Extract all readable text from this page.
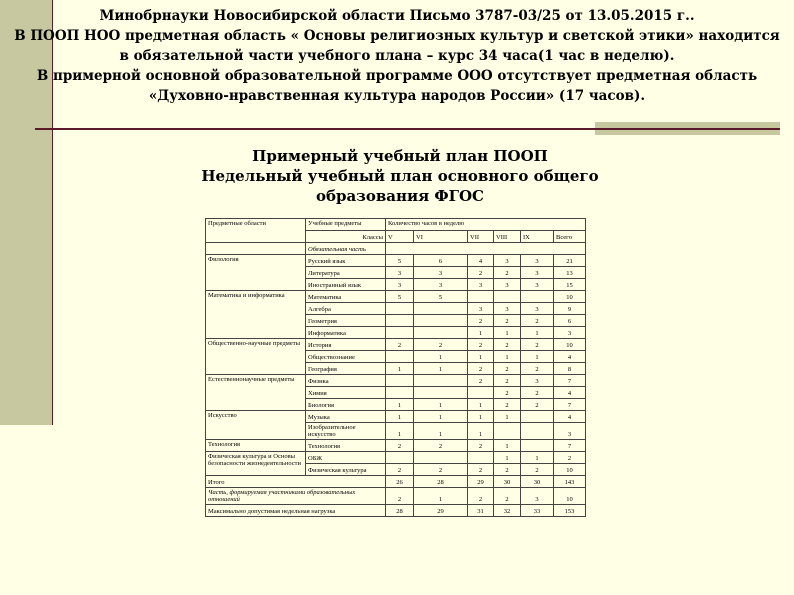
Минобрнауки Новосибирской области Письмо 3787-03/25 от 13.05.2015 г..
В ПООП НОО предметная область « Основы религиозных культур и светской этики» находится
в обязательной части учебного плана – курс 34 часа(1 час в неделю).
В примерной основной образовательной программе ООО отсутствует предметная область
«Духовно-нравственная культура народов России» (17 часов).
Примерный учебный план ПООП
Недельный учебный план основного общего
образования ФГОС
Предметные области	Учебные предметы	Количество часов в неделю					
	Классы	V	VI	VII	VIII	IX	Всего
	Обязательная часть						
Филология	Русский язык	5	6	4	3	3	21
	Литература	3	3	2	2	3	13
	Иностранный язык	3	3	3	3	3	15
Математика и информатика	Математика	5	5				10
	Алгебра			3	3	3	9
	Геометрия			2	2	2	6
	Информатика			1	1	1	3
Общественно-научные предметы	История	2	2	2	2	2	10
	Обществознание		1	1	1	1	4
	География	1	1	2	2	2	8
Естественнонаучные предметы	Физика			2	2	3	7
	Химия				2	2	4
	Биология	1	1	1	2	2	7
Искусство	Музыка	1	1	1	1		4
	Изобразительное искусство	1	1	1			3
Технология	Технология	2	2	2	1		7
Физическая культура и Основы безопасности жизнедеятельности	ОБЖ				1	1	2
	Физическая культура	2	2	2	2	2	10
Итого		26	28	29	30	30	143
Часть, формируемая участниками образовательных отношений		2	1	2	2	3	10
Максимально допустимая недельная нагрузка		28	29	31	32	33	153
